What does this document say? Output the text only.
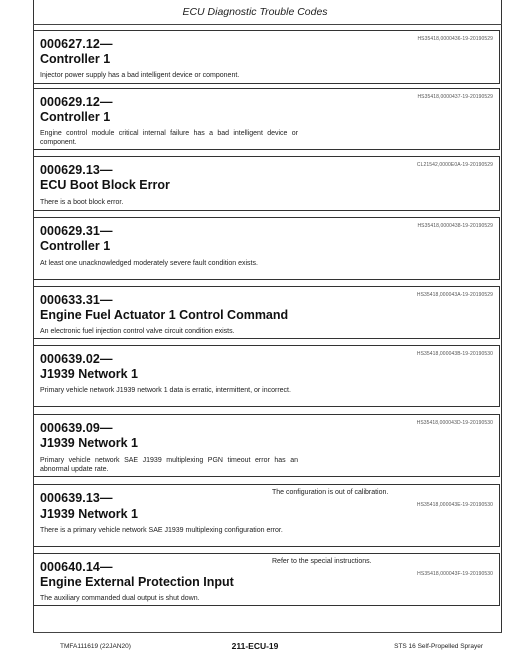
ECU Diagnostic Trouble Codes
000627.12—
Controller 1
HS35418,0000436-19-20190529
Injector power supply has a bad intelligent device or component.
000629.12—
Controller 1
HS35418,0000437-19-20190529
Engine control module critical internal failure has a bad intelligent device or component.
000629.13—
ECU Boot Block Error
CL21542,0000E0A-19-20190529
There is a boot block error.
000629.31—
Controller 1
HS35418,0000438-19-20190529
At least one unacknowledged moderately severe fault condition exists.
000633.31—
Engine Fuel Actuator 1 Control Command
HS35418,000043A-19-20190529
An electronic fuel injection control valve circuit condition exists.
000639.02—
J1939 Network 1
HS35418,000043B-19-20190530
Primary vehicle network J1939 network 1 data is erratic, intermittent, or incorrect.
000639.09—
J1939 Network 1
HS35418,000043D-19-20190530
Primary vehicle network SAE J1939 multiplexing PGN timeout error has an abnormal update rate.
000639.13—
J1939 Network 1
The configuration is out of calibration.
HS35418,000043E-19-20190530
There is a primary vehicle network SAE J1939 multiplexing configuration error.
000640.14—
Engine External Protection Input
Refer to the special instructions.
HS35418,000043F-19-20190530
The auxiliary commanded dual output is shut down.
TMFA111619 (22JAN20)	211-ECU-19	STS 16 Self-Propelled Sprayer
